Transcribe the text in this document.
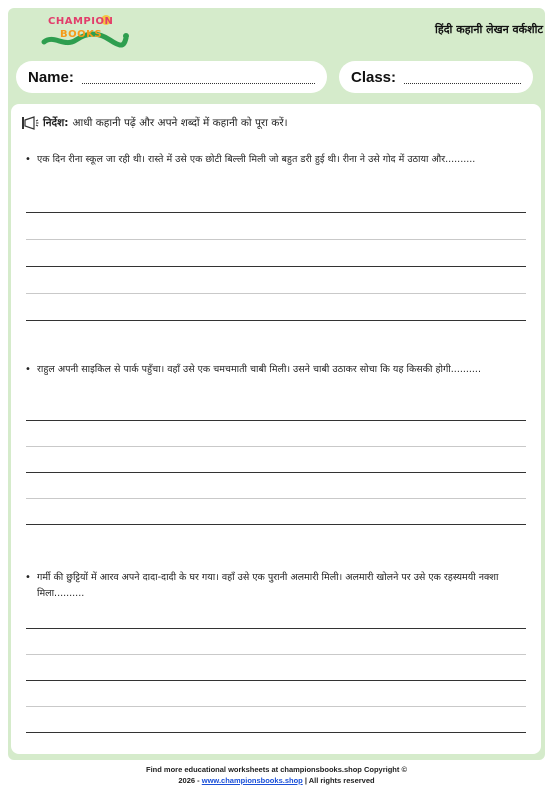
CHAMPION
BOOKS	हिंदी कहानी लेखन वर्कशीट
Name:	Class:
निर्देश: आधी कहानी पढ़ें और अपने शब्दों में कहानी को पूरा करें।
• एक दिन रीना स्कूल जा रही थी। रास्ते में उसे एक छोटी बिल्ली मिली जो बहुत डरी हुई थी। रीना ने उसे गोद में उठाया और..........
• राहुल अपनी साइकिल से पार्क पहुँचा। वहाँ उसे एक चमचमाती चाबी मिली। उसने चाबी उठाकर सोचा कि यह किसकी होगी..........
• गर्मी की छुट्टियों में आरव अपने दादा-दादी के घर गया। वहाँ उसे एक पुरानी अलमारी मिली। अलमारी खोलने पर उसे एक रहस्यमयी नक्शा मिला..........
Find more educational worksheets at championsbooks.shop Copyright ©
2026 - www.championsbooks.shop | All rights reserved
